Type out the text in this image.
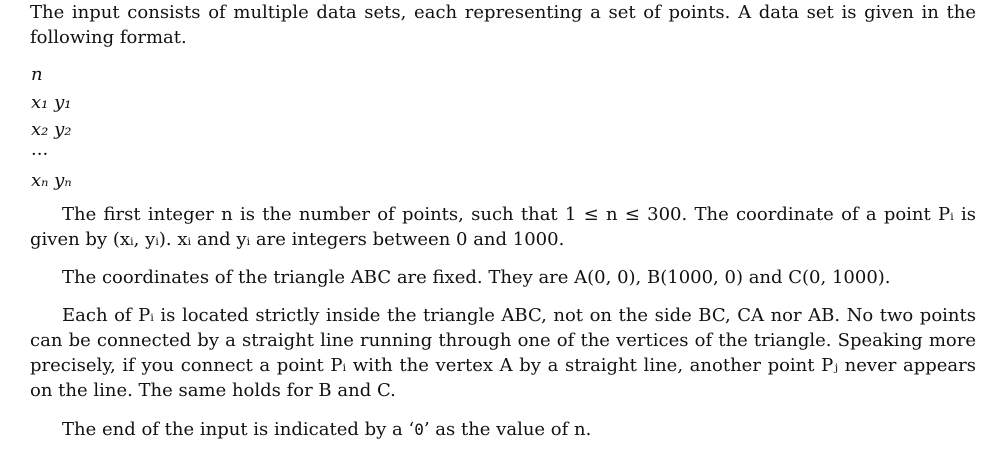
The input consists of multiple data sets, each representing a set of points. A data set is given in the following format.

n
x₁ y₁
x₂ y₂
···
xₙ yₙ

The first integer n is the number of points, such that 1 ≤ n ≤ 300. The coordinate of a point Pᵢ is given by (xᵢ, yᵢ). xᵢ and yᵢ are integers between 0 and 1000.

The coordinates of the triangle ABC are fixed. They are A(0, 0), B(1000, 0) and C(0, 1000).

Each of Pᵢ is located strictly inside the triangle ABC, not on the side BC, CA nor AB. No two points can be connected by a straight line running through one of the vertices of the triangle. Speaking more precisely, if you connect a point Pᵢ with the vertex A by a straight line, another point Pⱼ never appears on the line. The same holds for B and C.

The end of the input is indicated by a ‘0’ as the value of n.
